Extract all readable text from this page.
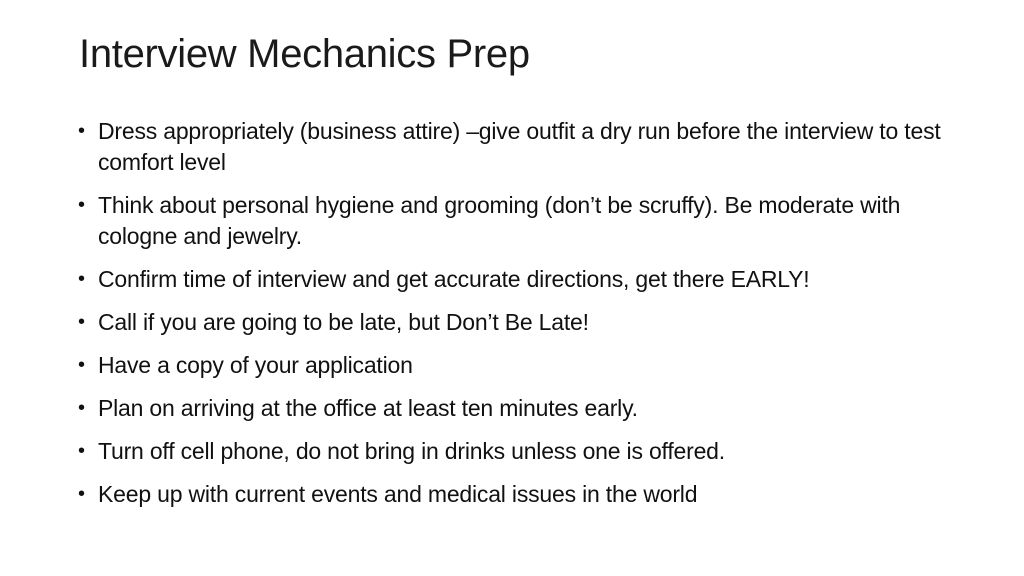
Interview Mechanics Prep
• Dress appropriately (business attire) –give outfit a dry run before the interview to test comfort level
• Think about personal hygiene and grooming (don’t be scruffy). Be moderate with cologne and jewelry.
• Confirm time of interview and get accurate directions, get there EARLY!
• Call if you are going to be late, but Don’t Be Late!
• Have a copy of your application
• Plan on arriving at the office at least ten minutes early.
• Turn off cell phone, do not bring in drinks unless one is offered.
• Keep up with current events and medical issues in the world
